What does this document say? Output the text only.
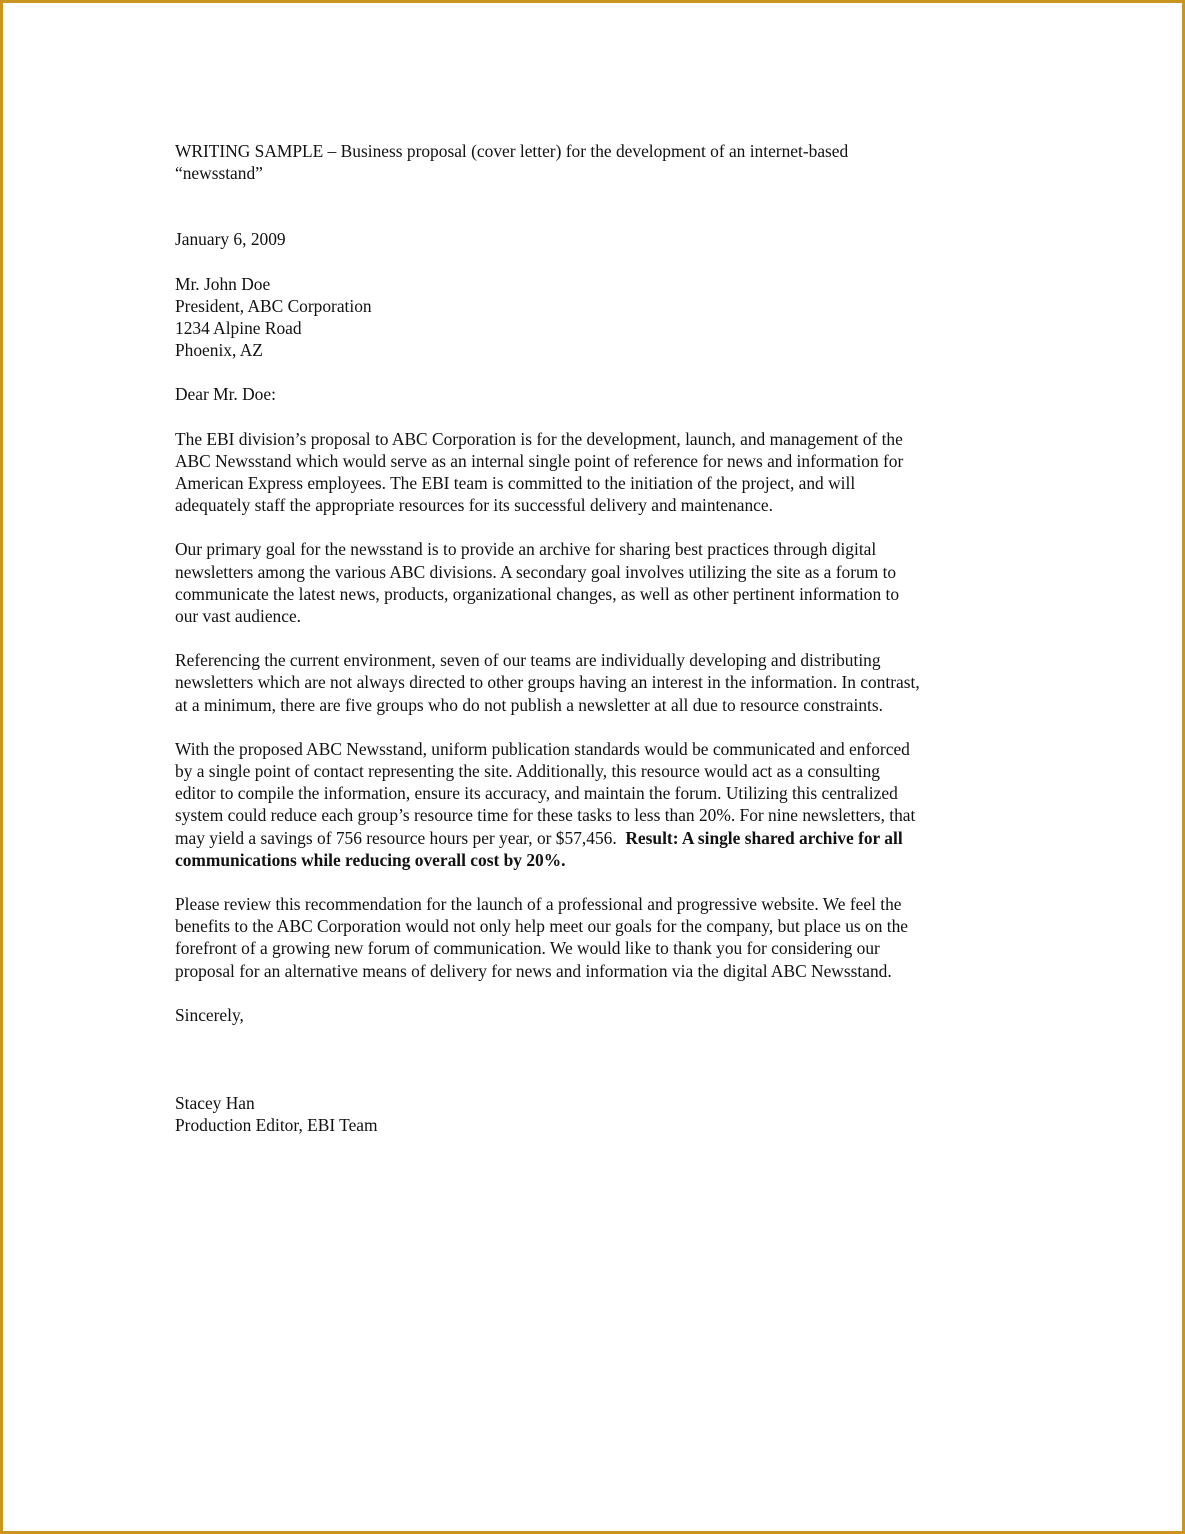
WRITING SAMPLE – Business proposal (cover letter) for the development of an internet-based
“newsstand”
January 6, 2009
Mr. John Doe
President, ABC Corporation
1234 Alpine Road
Phoenix, AZ
Dear Mr. Doe:
The EBI division’s proposal to ABC Corporation is for the development, launch, and management of the
ABC Newsstand which would serve as an internal single point of reference for news and information for
American Express employees. The EBI team is committed to the initiation of the project, and will
adequately staff the appropriate resources for its successful delivery and maintenance.
Our primary goal for the newsstand is to provide an archive for sharing best practices through digital
newsletters among the various ABC divisions. A secondary goal involves utilizing the site as a forum to
communicate the latest news, products, organizational changes, as well as other pertinent information to
our vast audience.
Referencing the current environment, seven of our teams are individually developing and distributing
newsletters which are not always directed to other groups having an interest in the information. In contrast,
at a minimum, there are five groups who do not publish a newsletter at all due to resource constraints.
With the proposed ABC Newsstand, uniform publication standards would be communicated and enforced
by a single point of contact representing the site. Additionally, this resource would act as a consulting
editor to compile the information, ensure its accuracy, and maintain the forum. Utilizing this centralized
system could reduce each group’s resource time for these tasks to less than 20%. For nine newsletters, that
may yield a savings of 756 resource hours per year, or $57,456.  Result: A single shared archive for all
communications while reducing overall cost by 20%.
Please review this recommendation for the launch of a professional and progressive website. We feel the
benefits to the ABC Corporation would not only help meet our goals for the company, but place us on the
forefront of a growing new forum of communication. We would like to thank you for considering our
proposal for an alternative means of delivery for news and information via the digital ABC Newsstand.
Sincerely,
Stacey Han
Production Editor, EBI Team
